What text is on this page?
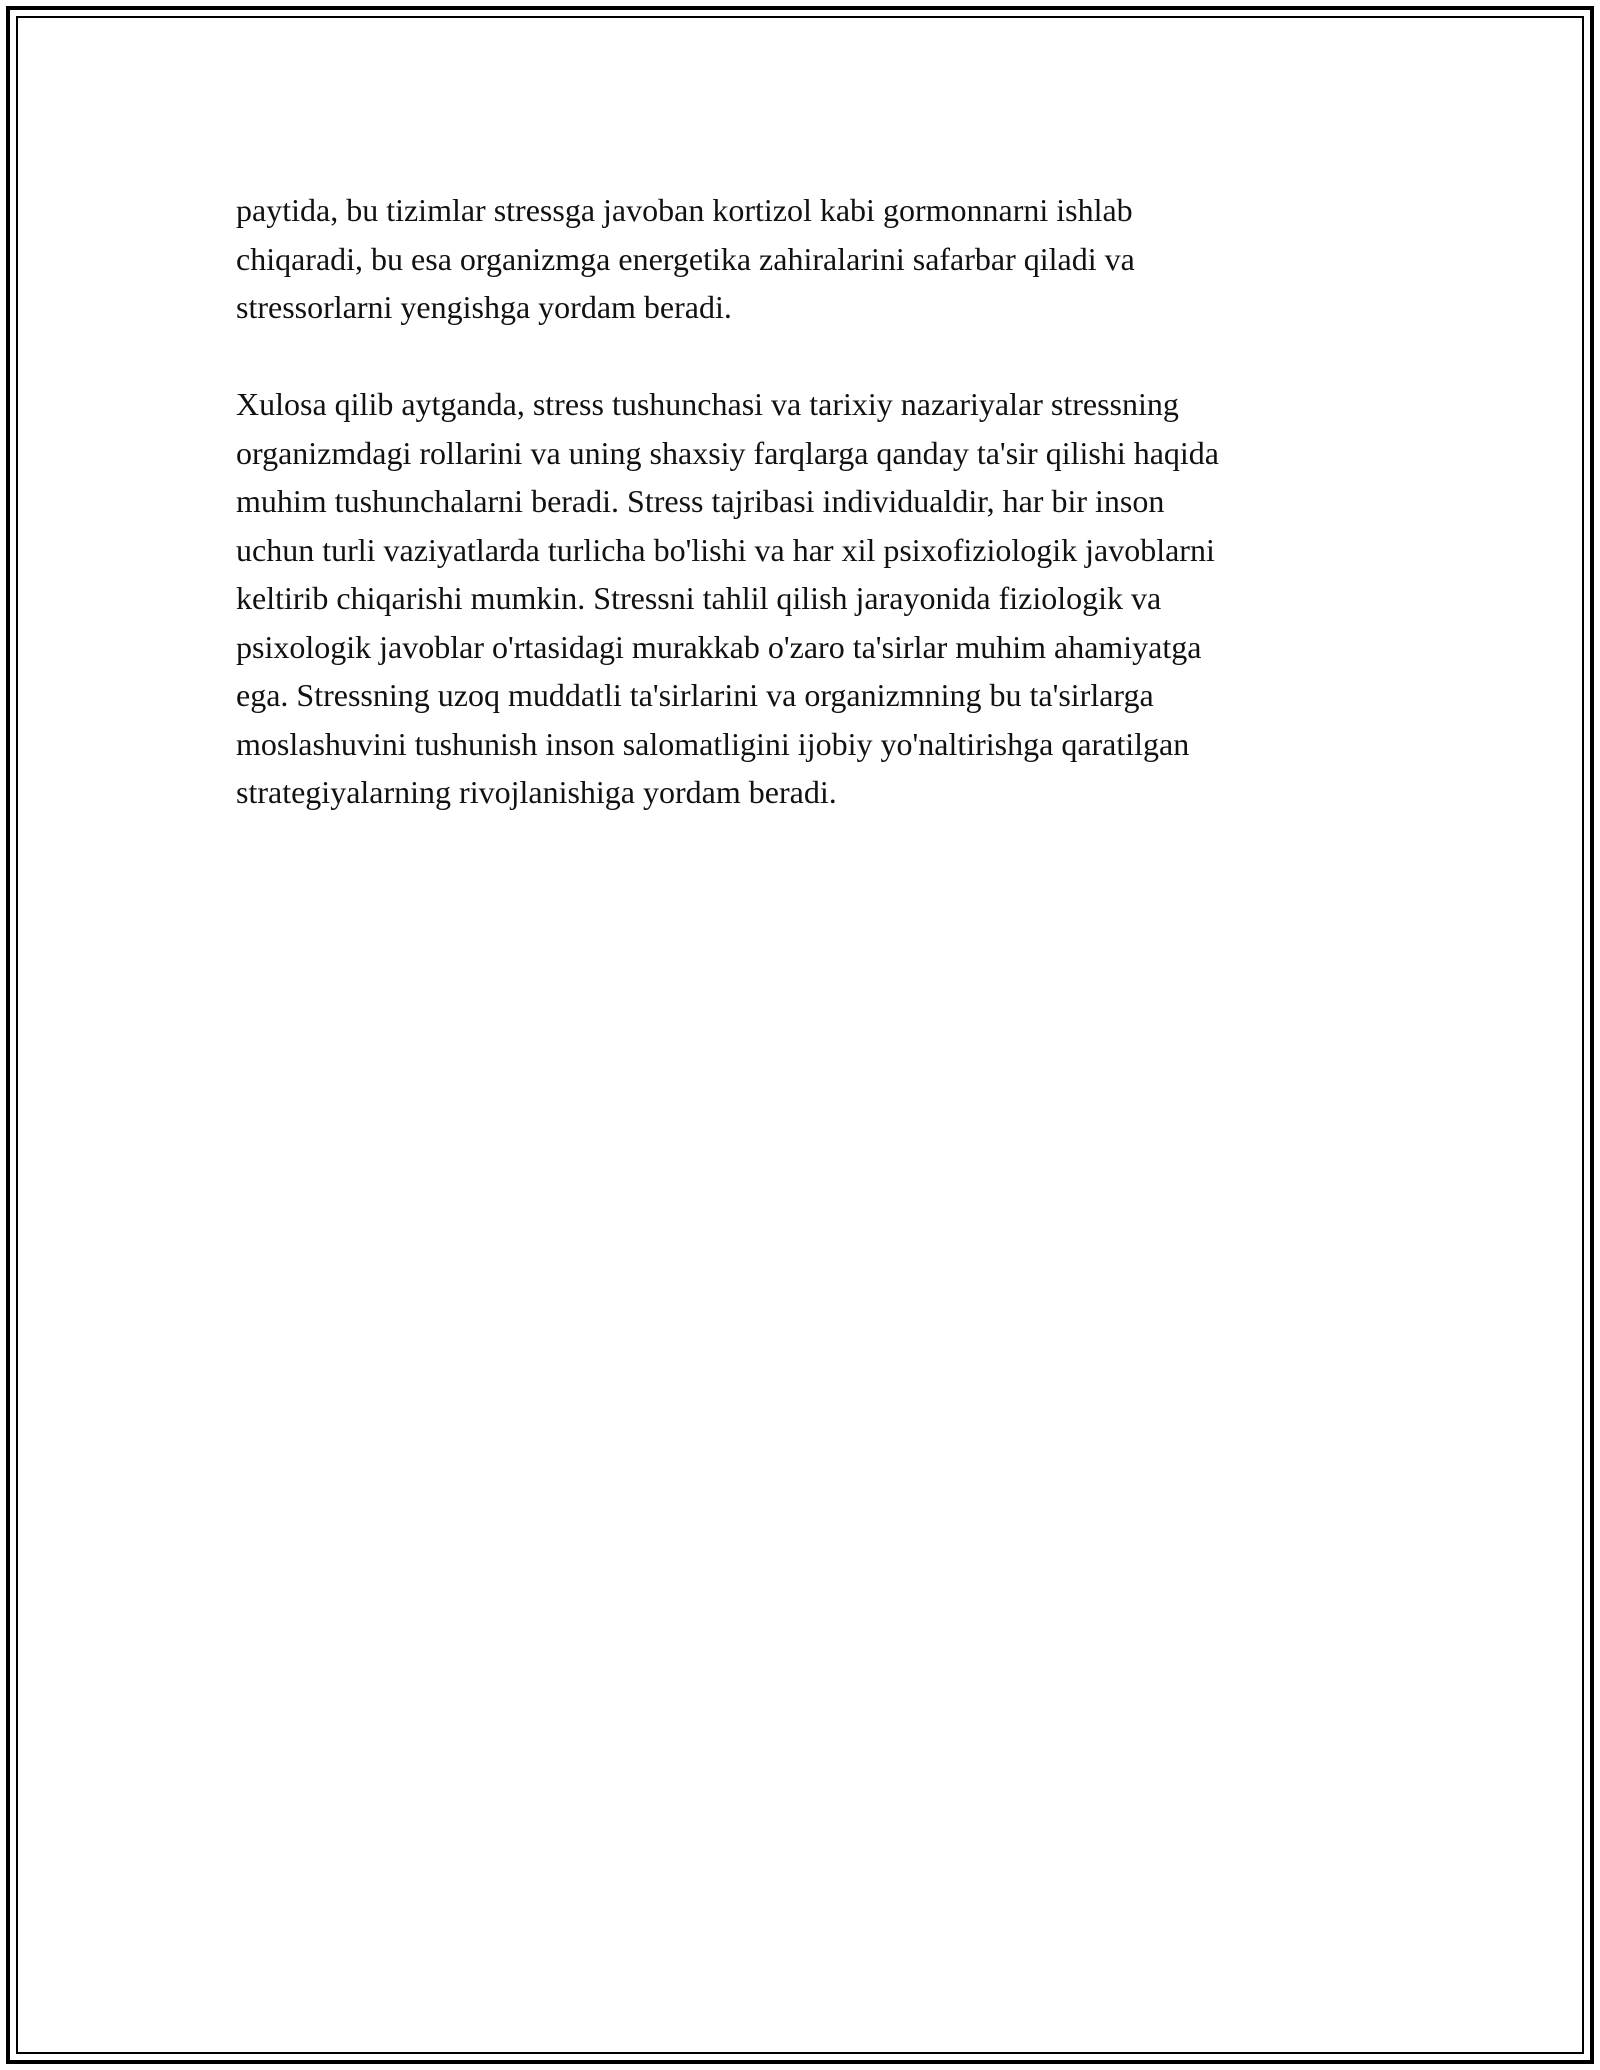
paytida, bu tizimlar stressga javoban kortizol kabi gormonnarni ishlab

chiqaradi, bu esa organizmga energetika zahiralarini safarbar qiladi va

stressorlarni yengishga yordam beradi.

Xulosa qilib aytganda, stress tushunchasi va tarixiy nazariyalar stressning

organizmdagi rollarini va uning shaxsiy farqlarga qanday ta'sir qilishi haqida

muhim tushunchalarni beradi. Stress tajribasi individualdir, har bir inson

uchun turli vaziyatlarda turlicha bo'lishi va har xil psixofiziologik javoblarni

keltirib chiqarishi mumkin. Stressni tahlil qilish jarayonida fiziologik va

psixologik javoblar o'rtasidagi murakkab o'zaro ta'sirlar muhim ahamiyatga

ega. Stressning uzoq muddatli ta'sirlarini va organizmning bu ta'sirlarga

moslashuvini tushunish inson salomatligini ijobiy yo'naltirishga qaratilgan

strategiyalarning rivojlanishiga yordam beradi.
